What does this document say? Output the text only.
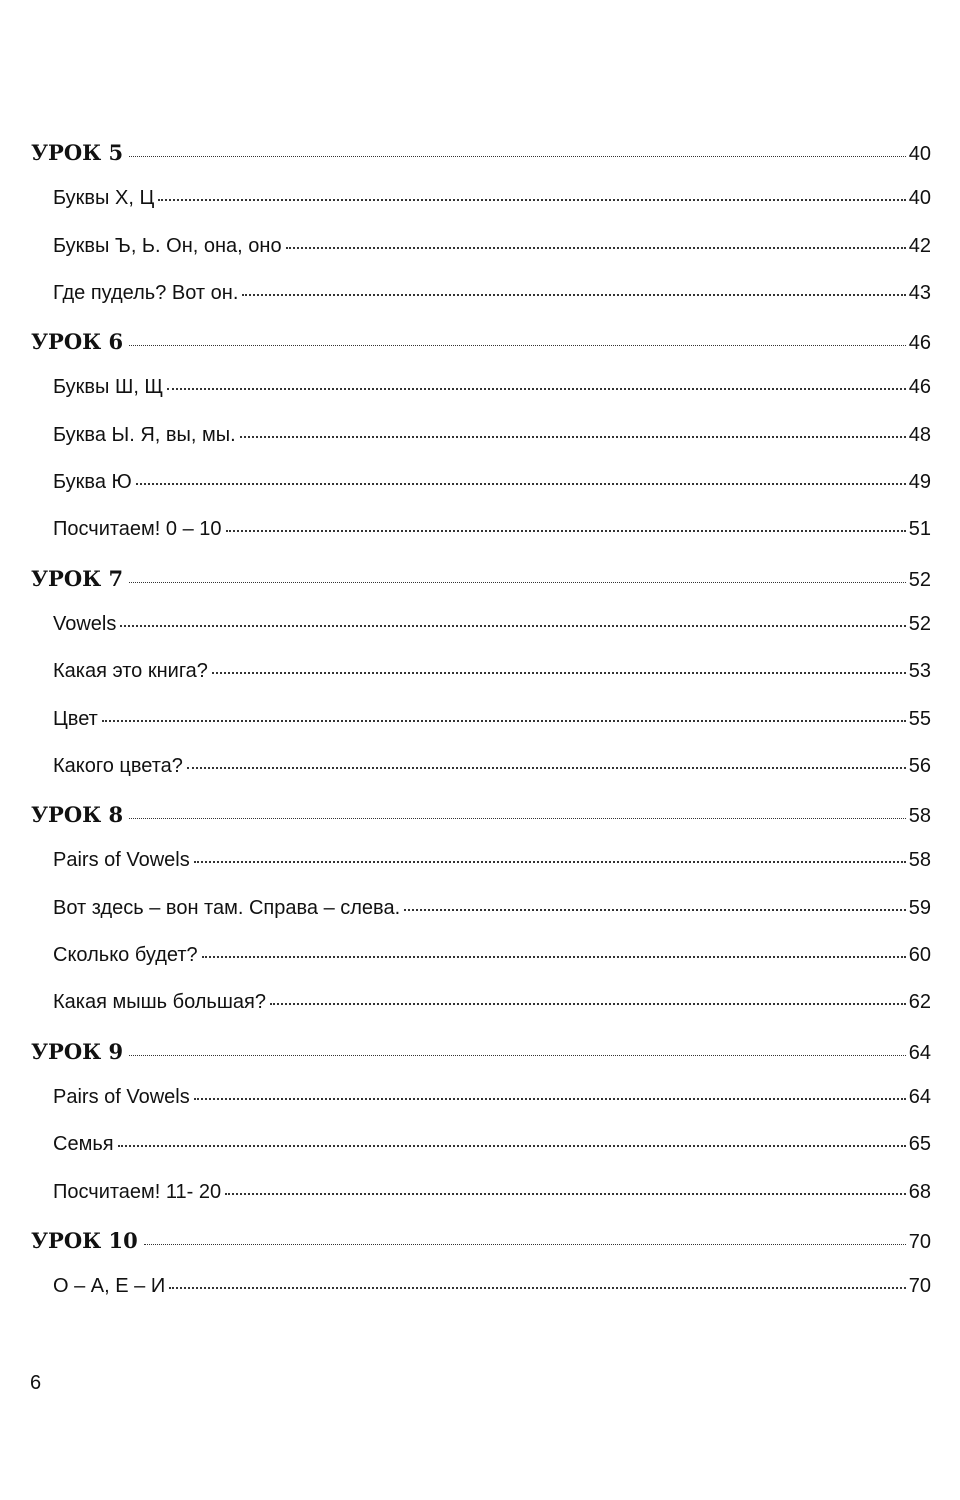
УРОК 5	40
Буквы Х, Ц	40
Буквы Ъ, Ь. Он, она, оно	42
Где пудель? Вот он.	43
УРОК 6	46
Буквы Ш, Щ	46
Буква Ы. Я, вы, мы.	48
Буква Ю	49
Посчитаем! 0 – 10	51
УРОК 7	52
Vowels	52
Какая это книга?	53
Цвет	55
Какого цвета?	56
УРОК 8	58
Pairs of Vowels	58
Вот здесь – вон там. Справа – слева.	59
Сколько будет?	60
Какая мышь большая?	62
УРОК 9	64
Pairs of Vowels	64
Семья	65
Посчитаем! 11- 20	68
УРОК 10	70
О – А, Е – И	70
6
